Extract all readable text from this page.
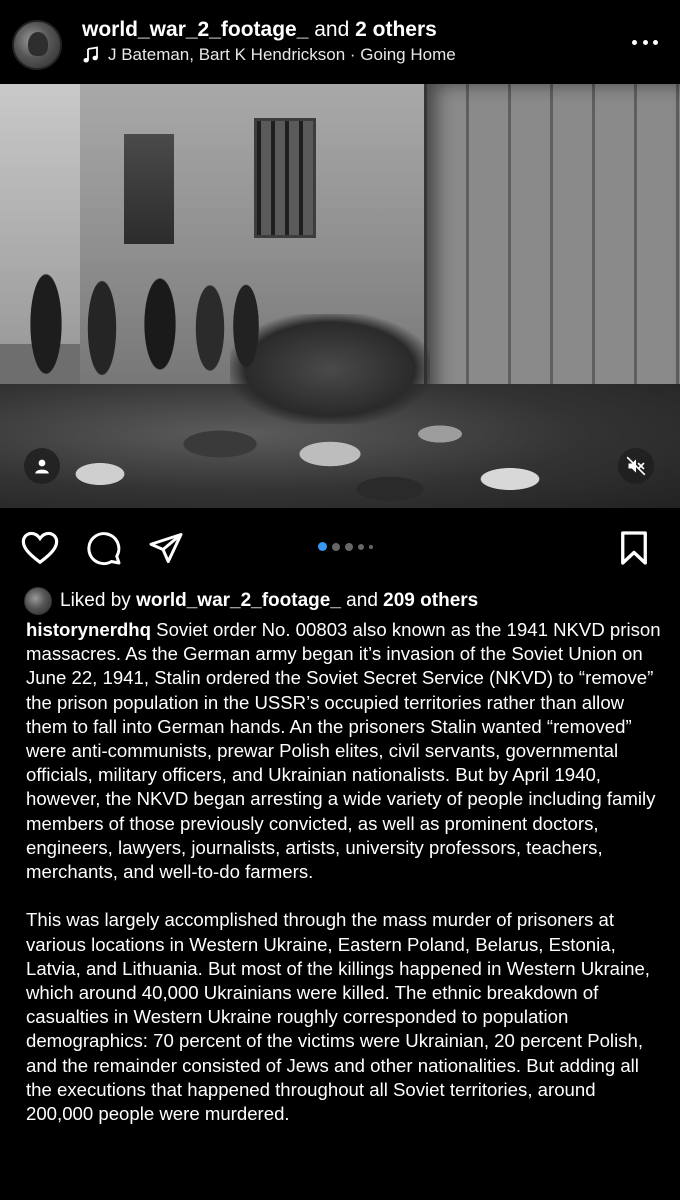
world_war_2_footage_ and 2 others
J Bateman, Bart K Hendrickson · Going Home
Liked by
world_war_2_footage_ and 209 others

historynerdhq Soviet order No. 00803 also known as the 1941 NKVD prison massacres. As the German army began it’s invasion of the Soviet Union on June 22, 1941, Stalin ordered the Soviet Secret Service (NKVD) to “remove” the prison population in the USSR’s occupied territories rather than allow them to fall into German hands. An the prisoners Stalin wanted “removed” were anti-communists, prewar Polish elites, civil servants, governmental officials, military officers, and Ukrainian nationalists. But by April 1940, however, the NKVD began arresting a wide variety of people including family members of those previously convicted, as well as prominent doctors, engineers, lawyers, journalists, artists, university professors, teachers, merchants, and well-to-do farmers.

This was largely accomplished through the mass murder of prisoners at various locations in Western Ukraine, Eastern Poland, Belarus, Estonia, Latvia, and Lithuania. But most of the killings happened in Western Ukraine, which around 40,000 Ukrainians were killed. The ethnic breakdown of casualties in Western Ukraine roughly corresponded to population demographics: 70 percent of the victims were Ukrainian, 20 percent Polish, and the remainder consisted of Jews and other nationalities. But adding all the executions that happened throughout all Soviet territories, around 200,000 people were murdered.
